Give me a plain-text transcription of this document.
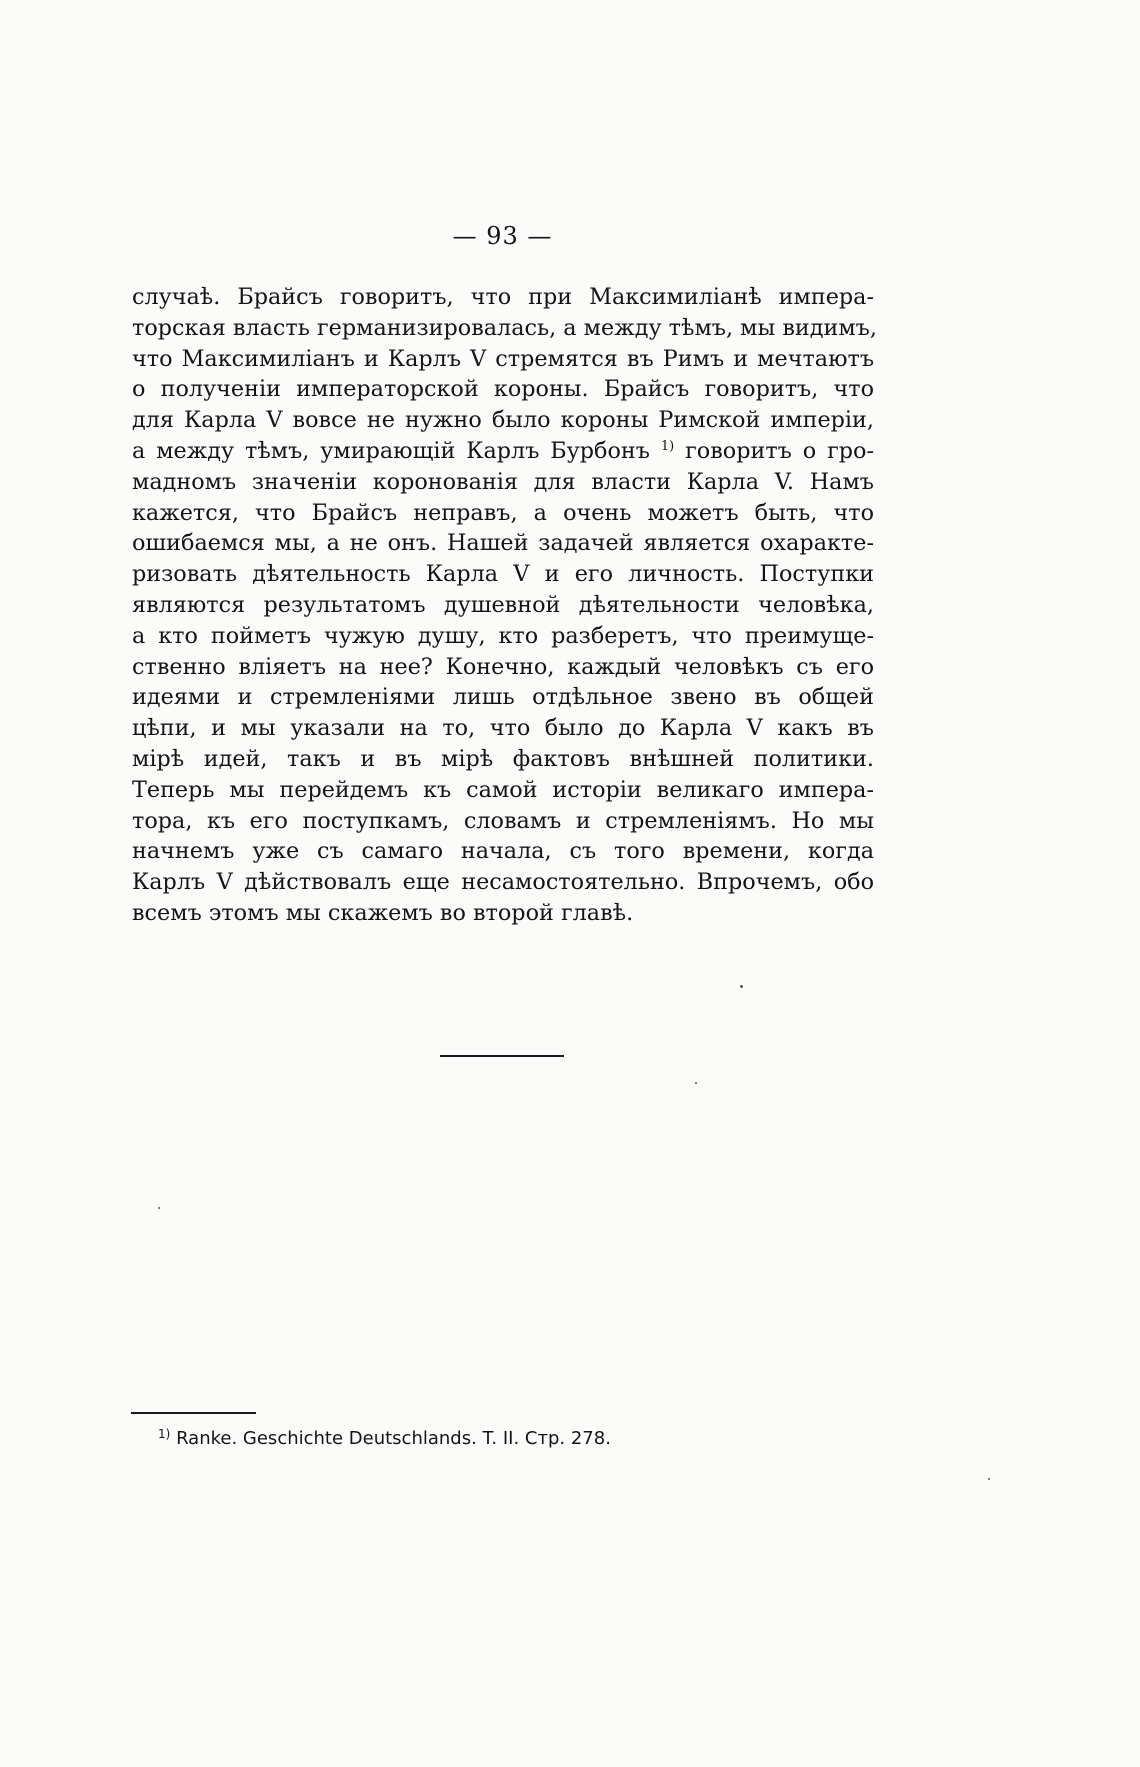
— 93 —
случаѣ. Брайсъ говоритъ, что при Максимиліанѣ импера-
торская власть германизировалась, а между тѣмъ, мы видимъ,
что Максимиліанъ и Карлъ V стремятся въ Римъ и мечтаютъ
о полученіи императорской короны. Брайсъ говоритъ, что
для Карла V вовсе не нужно было короны Римской имперіи,
а между тѣмъ, умирающій Карлъ Бурбонъ $^{1)}$ говоритъ о гро-
мадномъ значеніи коронованія для власти Карла V. Намъ
кажется, что Брайсъ неправъ, а очень можетъ быть, что
ошибаемся мы, а не онъ. Нашей задачей является охаракте-
ризовать дѣятельность Карла V и его личность. Поступки
являются результатомъ душевной дѣятельности человѣка,
а кто пойметъ чужую душу, кто разберетъ, что преимуще-
ственно вліяетъ на нее? Конечно, каждый человѣкъ съ его
идеями и стремленіями лишь отдѣльное звено въ общей
цѣпи, и мы указали на то, что было до Карла V какъ въ
мірѣ идей, такъ и въ мірѣ фактовъ внѣшней политики.
Теперь мы перейдемъ къ самой исторіи великаго импера-
тора, къ его поступкамъ, словамъ и стремленіямъ. Но мы
начнемъ уже съ самаго начала, съ того времени, когда
Карлъ V дѣйствовалъ еще несамостоятельно. Впрочемъ, обо
всемъ этомъ мы скажемъ во второй главѣ.
$^{1)}$ Ranke. Geschichte Deutschlands. T. II. Стр. 278.
